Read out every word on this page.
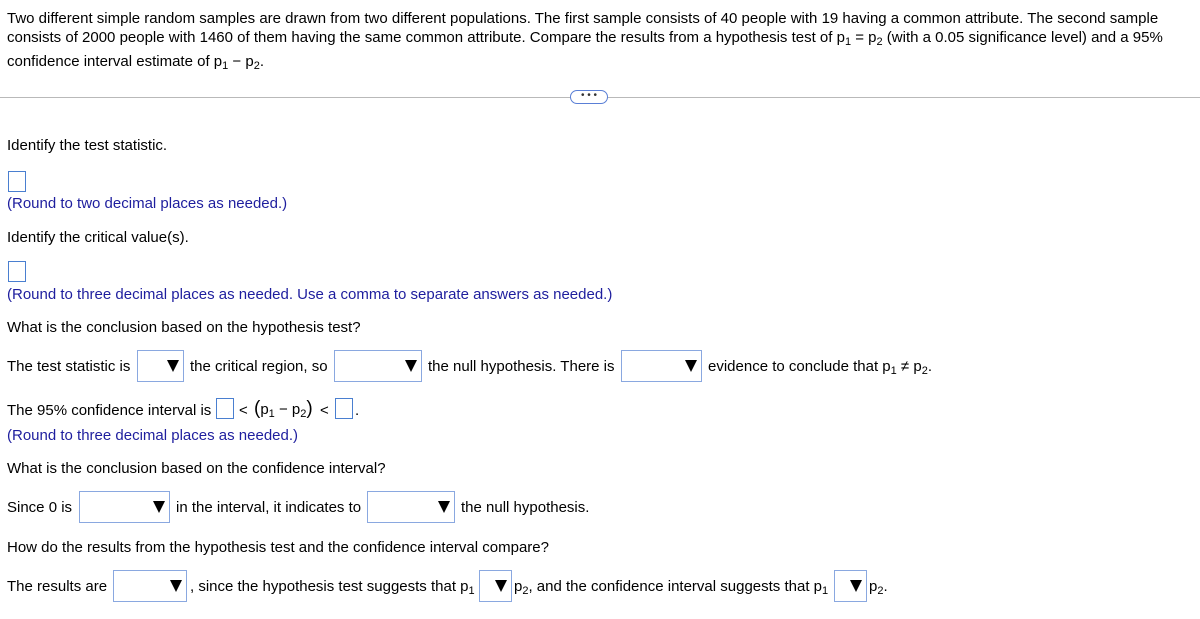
Two different simple random samples are drawn from two different populations. The first sample consists of 40 people with 19 having a common attribute. The second sample
consists of 2000 people with 1460 of them having the same common attribute. Compare the results from a hypothesis test of $p_1 = p_2$ (with a 0.05 significance level) and a 95%
confidence interval estimate of $p_1 - p_2$.
• • •
Identify the test statistic.
(Round to two decimal places as needed.)
Identify the critical value(s).
(Round to three decimal places as needed. Use a comma to separate answers as needed.)
What is the conclusion based on the hypothesis test?
The test statistic is	the critical region, so	the null hypothesis. There is	evidence to conclude that $p_1 \ne p_2$.
The 95% confidence interval is < $(p_1 - p_2)$ < .
(Round to three decimal places as needed.)
What is the conclusion based on the confidence interval?
Since 0 is	in the interval, it indicates to	the null hypothesis.
How do the results from the hypothesis test and the confidence interval compare?
The results are	, since the hypothesis test suggests that $p_1$	$p_2$, and the confidence interval suggests that $p_1$	$p_2$.
